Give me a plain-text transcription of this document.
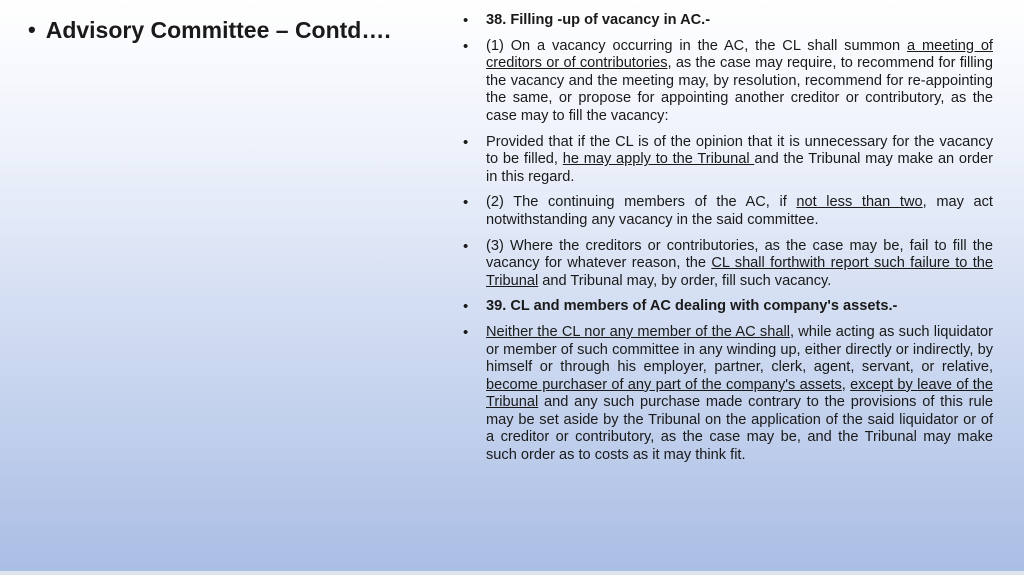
• Advisory Committee – Contd….	•	38. Filling -up of vacancy in AC.-
•	(1) On a vacancy occurring in the AC, the CL shall summon a meeting of creditors or of contributories, as the case may require, to recommend for filling the vacancy and the meeting may, by resolution, recommend for re-appointing the same, or propose for appointing another creditor or contributory, as the case may to fill the vacancy:
•	Provided that if the CL is of the opinion that it is unnecessary for the vacancy to be filled, he may apply to the Tribunal and the Tribunal may make an order in this regard.
•	(2) The continuing members of the AC, if not less than two, may act notwithstanding any vacancy in the said committee.
•	(3) Where the creditors or contributories, as the case may be, fail to fill the vacancy for whatever reason, the CL shall forthwith report such failure to the Tribunal and Tribunal may, by order, fill such vacancy.
•	39. CL and members of AC dealing with company's assets.-
•	Neither the CL nor any member of the AC shall, while acting as such liquidator or member of such committee in any winding up, either directly or indirectly, by himself or through his employer, partner, clerk, agent, servant, or relative, become purchaser of any part of the company's assets, except by leave of the Tribunal and any such purchase made contrary to the provisions of this rule may be set aside by the Tribunal on the application of the said liquidator or of a creditor or contributory, as the case may be, and the Tribunal may make such order as to costs as it may think fit.
